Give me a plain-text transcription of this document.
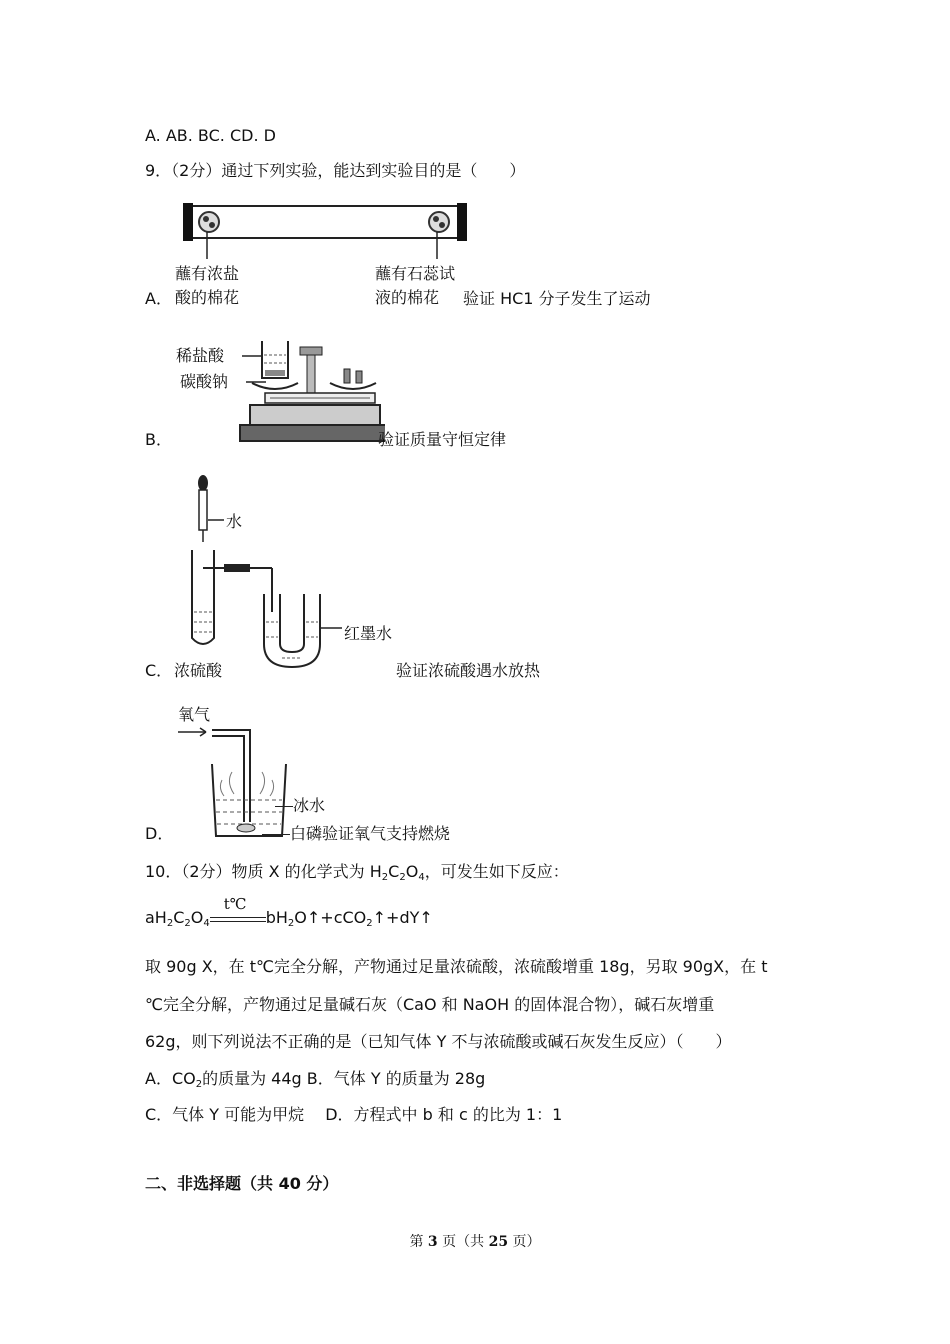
A. AB. BC. CD. D
9．（2分）通过下列实验，能达到实验目的是（　　）
蘸有浓盐
酸的棉花
蘸有石蕊试
液的棉花
A．	验证 HC1 分子发生了运动
稀盐酸
碳酸钠
B．	验证质量守恒定律
水
红墨水
C． 浓硫酸	验证浓硫酸遇水放热
氧气
冰水
D．	白磷验证氧气支持燃烧
10．（2分）物质 X 的化学式为 $H_2C_2O_4$，可发生如下反应：
$aH_2C_2O_4$
t℃
$bH_2O↑+cCO_2↑+dY↑$
取 90g X，在 t℃完全分解，产物通过足量浓硫酸，浓硫酸增重 18g，另取 90gX，在 t
℃完全分解，产物通过足量碱石灰（CaO 和 NaOH 的固体混合物），碱石灰增重
62g，则下列说法不正确的是（已知气体 Y 不与浓硫酸或碱石灰发生反应）（　　）
A．$CO_2$的质量为 44g B．气体 Y 的质量为 28g
C．气体 Y 可能为甲烷　 D．方程式中 b 和 c 的比为 1：1
二、非选择题（共 40 分）
第 3 页（共 25 页）
